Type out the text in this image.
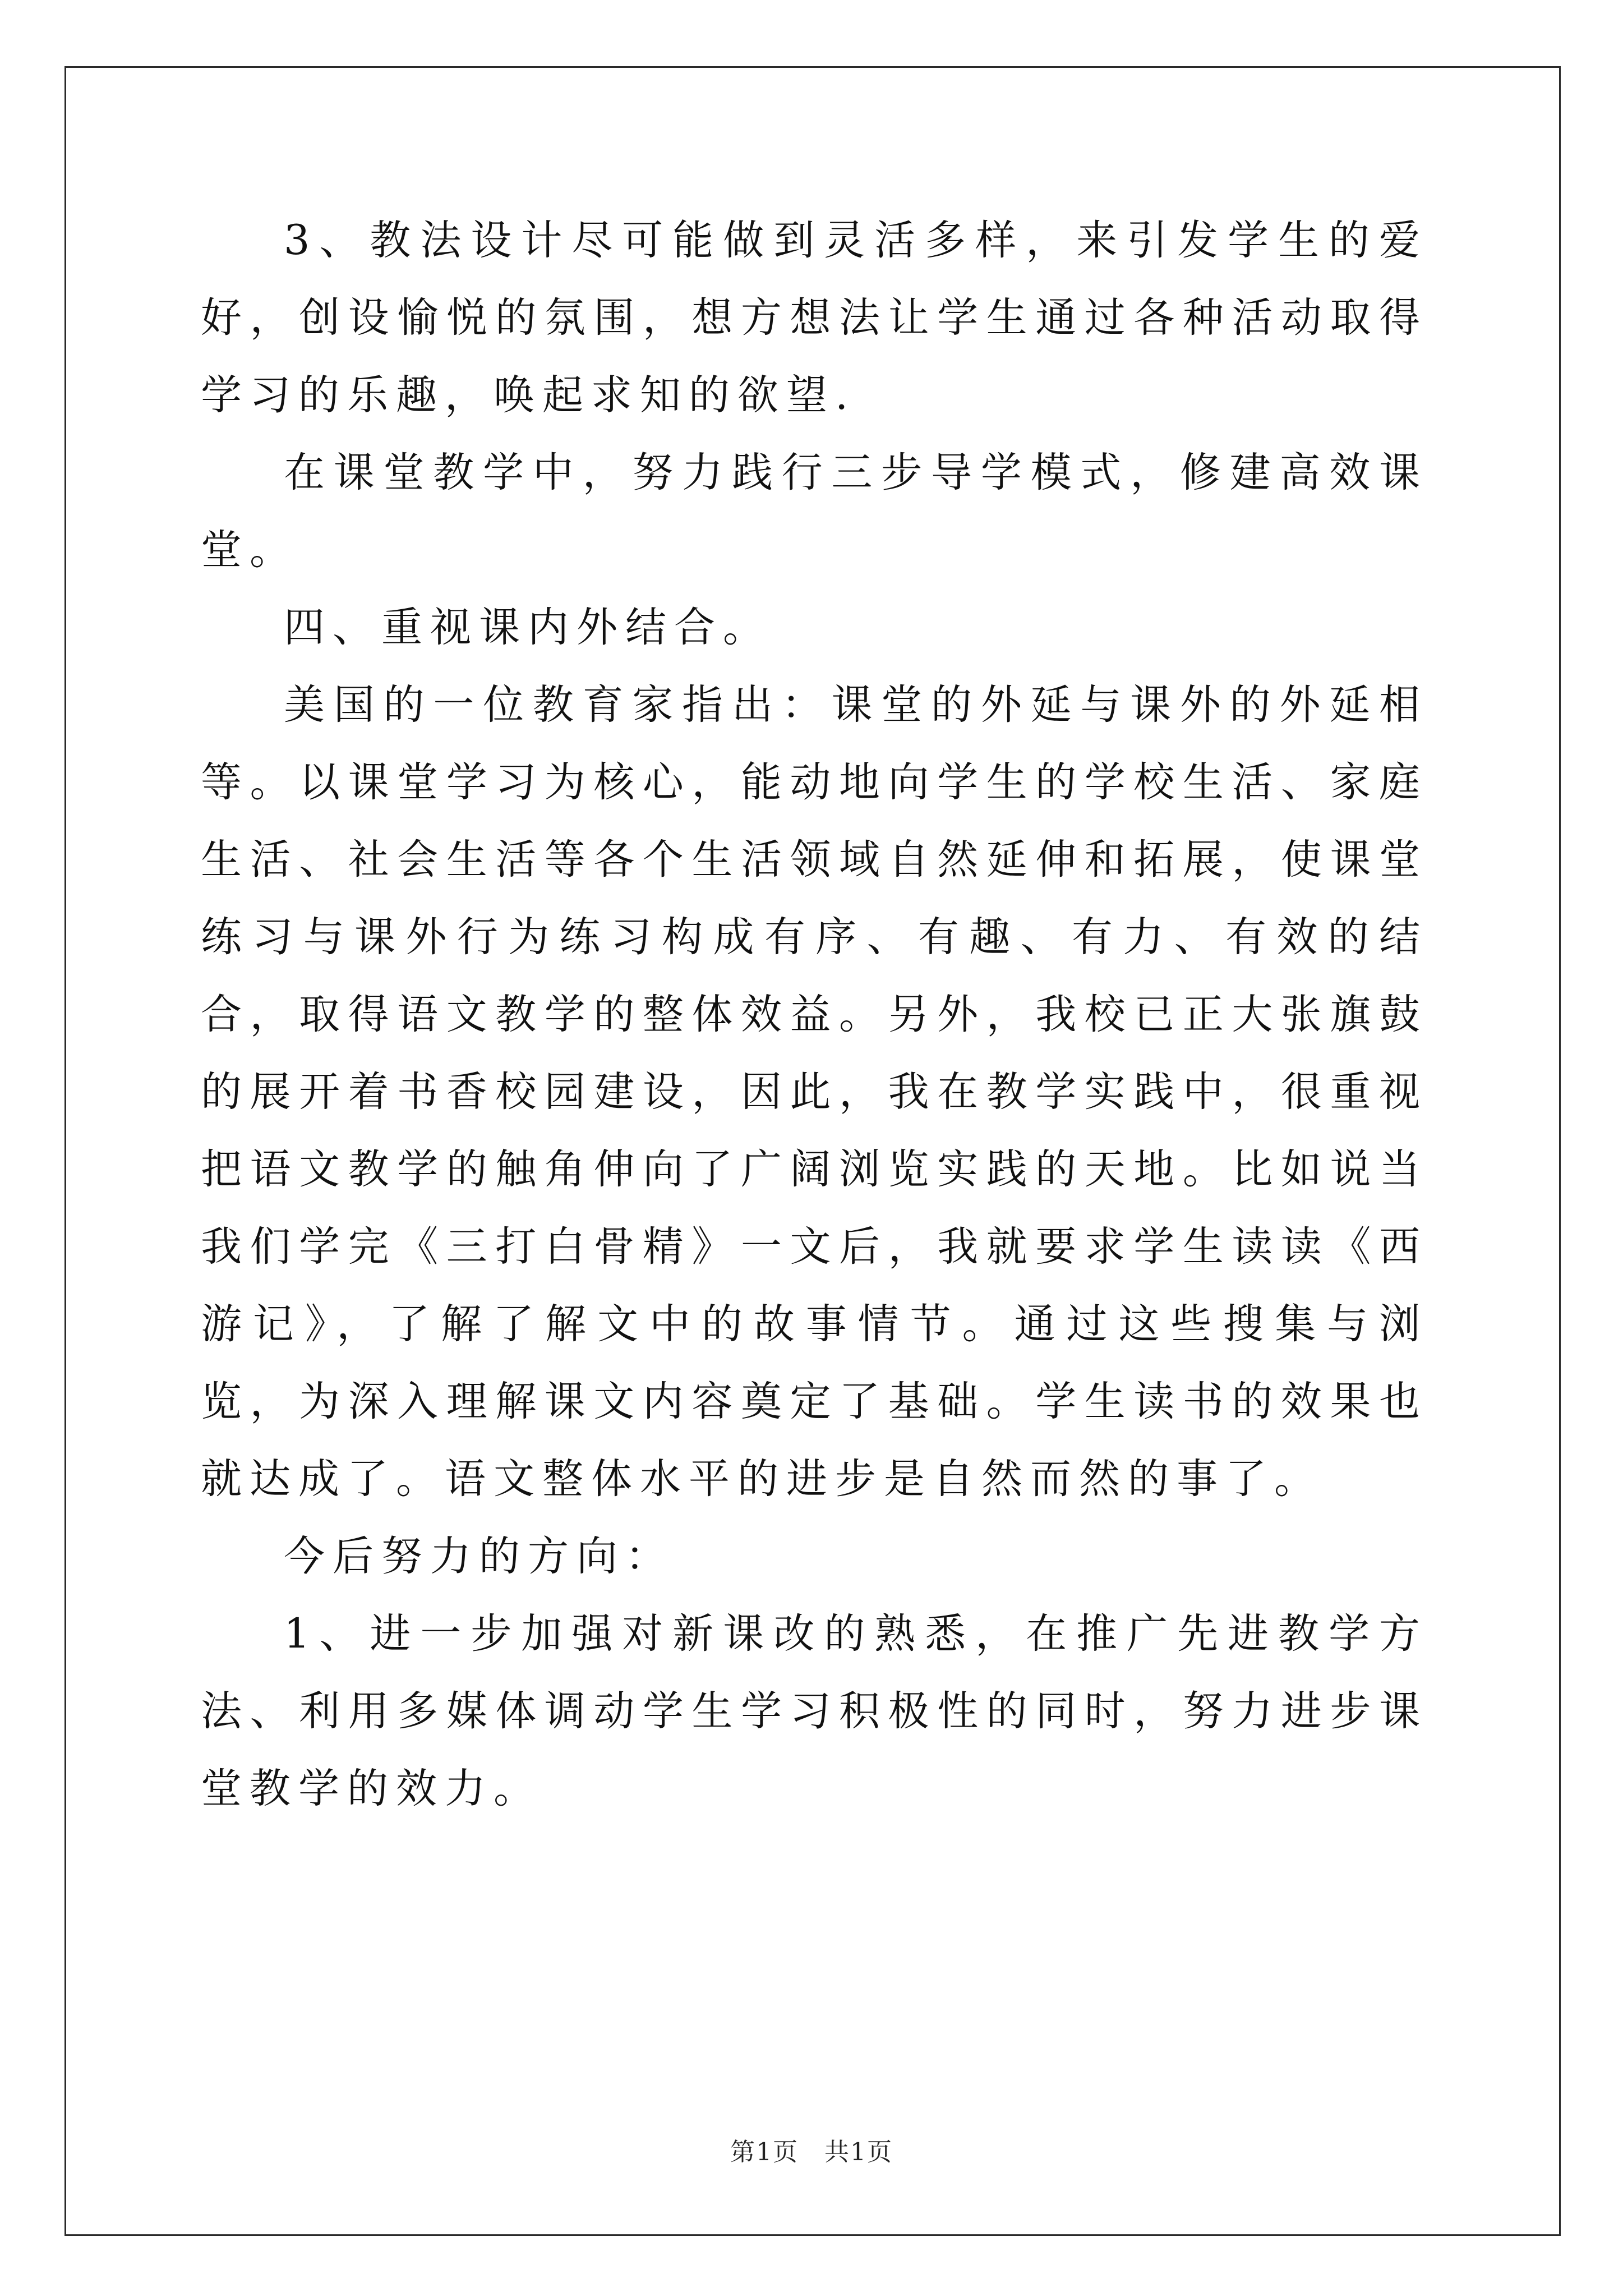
3、教法设计尽可能做到灵活多样，来引发学生的爱好，创设愉悦的氛围，想方想法让学生通过各种活动取得学习的乐趣，唤起求知的欲望.

在课堂教学中，努力践行三步导学模式，修建高效课堂。

四、重视课内外结合。

美国的一位教育家指出：课堂的外延与课外的外延相等。以课堂学习为核心，能动地向学生的学校生活、家庭生活、社会生活等各个生活领域自然延伸和拓展，使课堂练习与课外行为练习构成有序、有趣、有力、有效的结合，取得语文教学的整体效益。另外，我校已正大张旗鼓的展开着书香校园建设，因此，我在教学实践中，很重视把语文教学的触角伸向了广阔浏览实践的天地。比如说当我们学完《三打白骨精》一文后，我就要求学生读读《西游记》，了解了解文中的故事情节。通过这些搜集与浏览，为深入理解课文内容奠定了基础。学生读书的效果也就达成了。语文整体水平的进步是自然而然的事了。

今后努力的方向：

1、进一步加强对新课改的熟悉，在推广先进教学方法、利用多媒体调动学生学习积极性的同时，努力进步课堂教学的效力。

第1页 共1页
